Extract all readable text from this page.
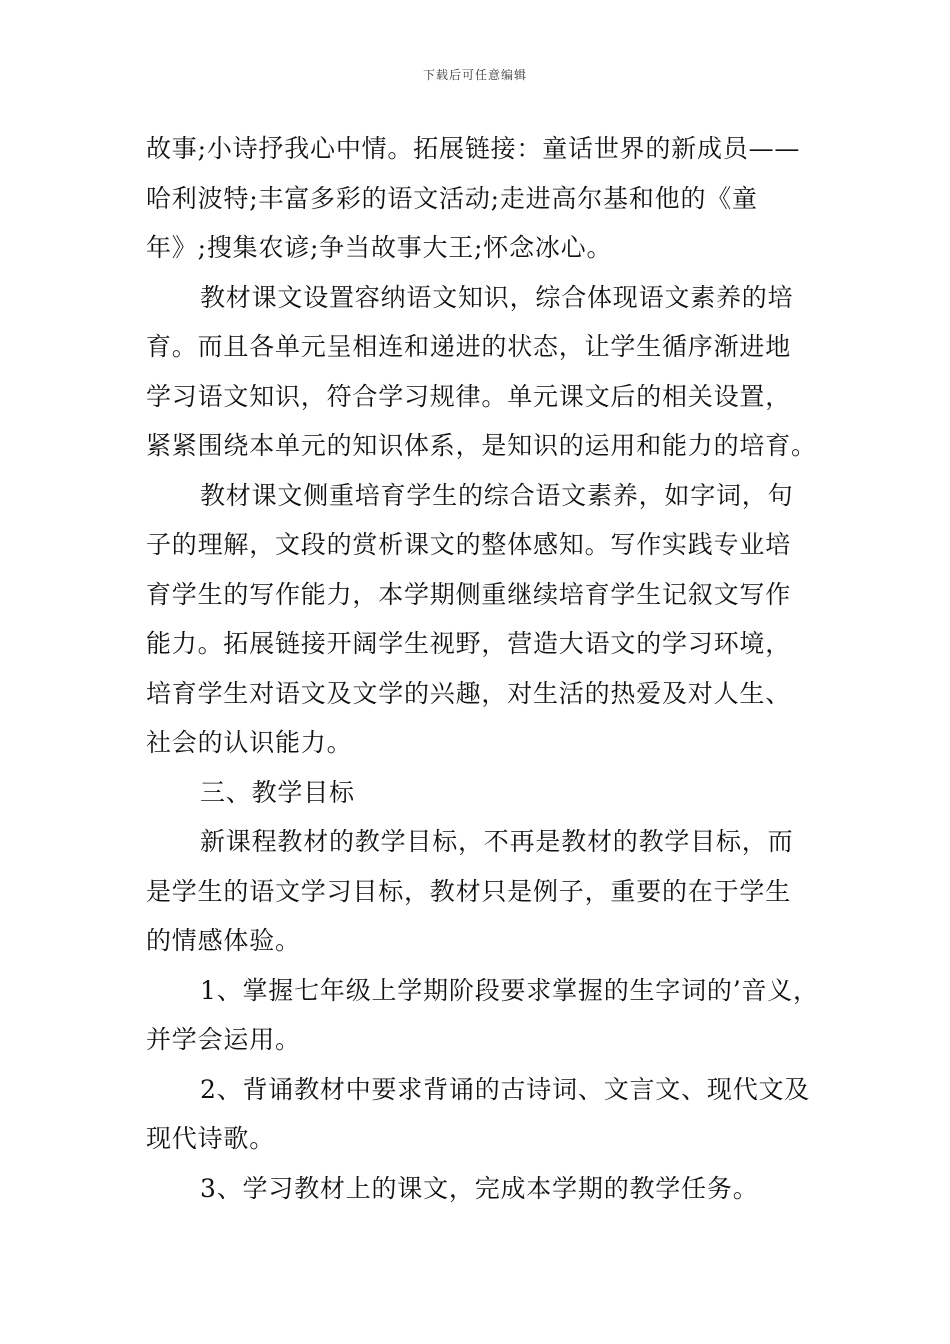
下载后可任意编辑
故事;小诗抒我心中情。拓展链接：童话世界的新成员——
哈利波特;丰富多彩的语文活动;走进高尔基和他的《童
年》;搜集农谚;争当故事大王;怀念冰心。
教材课文设置容纳语文知识，综合体现语文素养的培
育。而且各单元呈相连和递进的状态，让学生循序渐进地
学习语文知识，符合学习规律。单元课文后的相关设置，
紧紧围绕本单元的知识体系，是知识的运用和能力的培育。
教材课文侧重培育学生的综合语文素养，如字词，句
子的理解，文段的赏析课文的整体感知。写作实践专业培
育学生的写作能力，本学期侧重继续培育学生记叙文写作
能力。拓展链接开阔学生视野，营造大语文的学习环境，
培育学生对语文及文学的兴趣，对生活的热爱及对人生、
社会的认识能力。
三、教学目标
新课程教材的教学目标，不再是教材的教学目标，而
是学生的语文学习目标，教材只是例子，重要的在于学生
的情感体验。
1、掌握七年级上学期阶段要求掌握的生字词的’音义，
并学会运用。
2、背诵教材中要求背诵的古诗词、文言文、现代文及
现代诗歌。
3、学习教材上的课文，完成本学期的教学任务。
